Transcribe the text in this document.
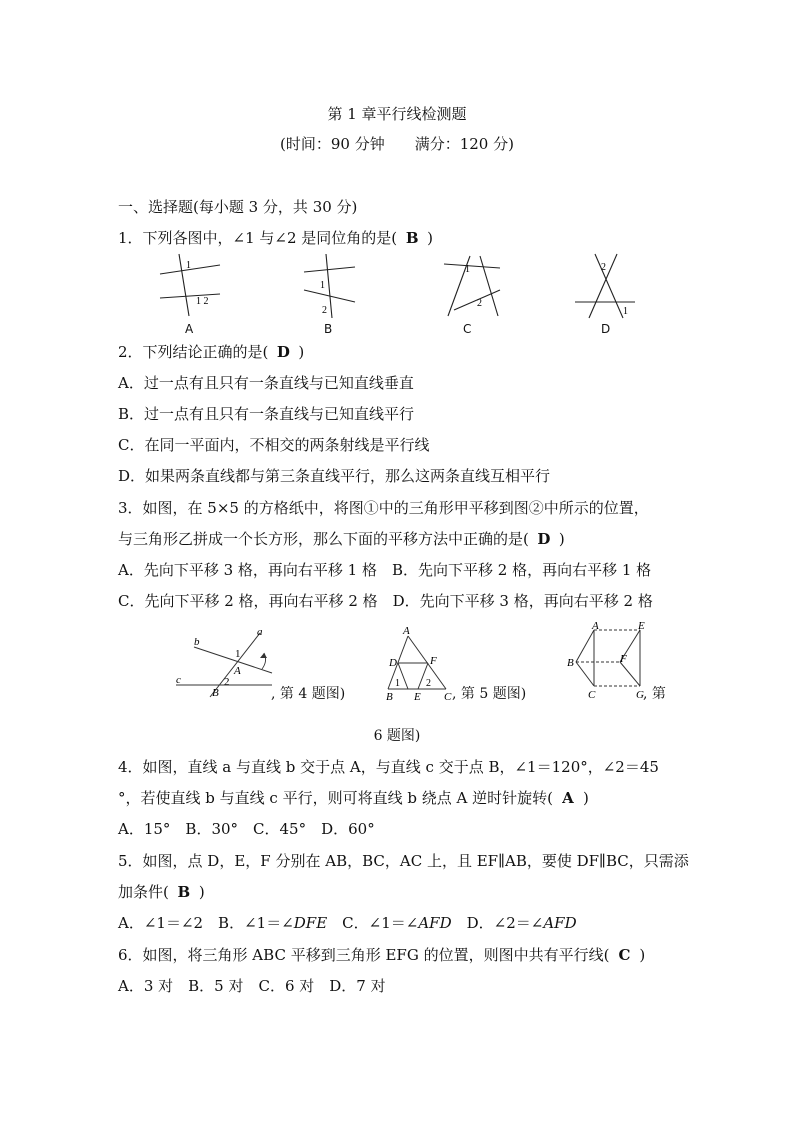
第 1 章平行线检测题
(时间：90 分钟　　满分：120 分)
一、选择题(每小题 3 分，共 30 分)
1．下列各图中，∠1 与∠2 是同位角的是( B )
1
1 2
A
1
2
B
1
2
C
2
1
D
2．下列结论正确的是( D )
A．过一点有且只有一条直线与已知直线垂直
B．过一点有且只有一条直线与已知直线平行
C．在同一平面内，不相交的两条射线是平行线
D．如果两条直线都与第三条直线平行，那么这两条直线互相平行
3．如图，在 5×5 的方格纸中，将图①中的三角形甲平移到图②中所示的位置，
与三角形乙拼成一个长方形，那么下面的平移方法中正确的是( D )
A．先向下平移 3 格，再向右平移 1 格　B．先向下平移 2 格，再向右平移 1 格
C．先向下平移 2 格，再向右平移 2 格　D．先向下平移 3 格，再向右平移 2 格
b
a
c
1
A
2
B	, 第 4 题图)
A
D	F
B
1
E
2
C , 第 5 题图)
A	E
B	F
C	G , 第
6 题图)
4．如图，直线 a 与直线 b 交于点 A，与直线 c 交于点 B，∠1＝120°，∠2＝45
°，若使直线 b 与直线 c 平行，则可将直线 b 绕点 A 逆时针旋转( A )
A．15°　B．30°　C．45°　D．60°
5．如图，点 D，E，F 分别在 AB，BC，AC 上，且 EF∥AB，要使 DF∥BC，只需添
加条件( B )
A．∠1＝∠2　B．∠1＝∠DFE　C．∠1＝∠AFD　D．∠2＝∠AFD
6．如图，将三角形 ABC 平移到三角形 EFG 的位置，则图中共有平行线( C )
A．3 对　B．5 对　C．6 对　D．7 对
